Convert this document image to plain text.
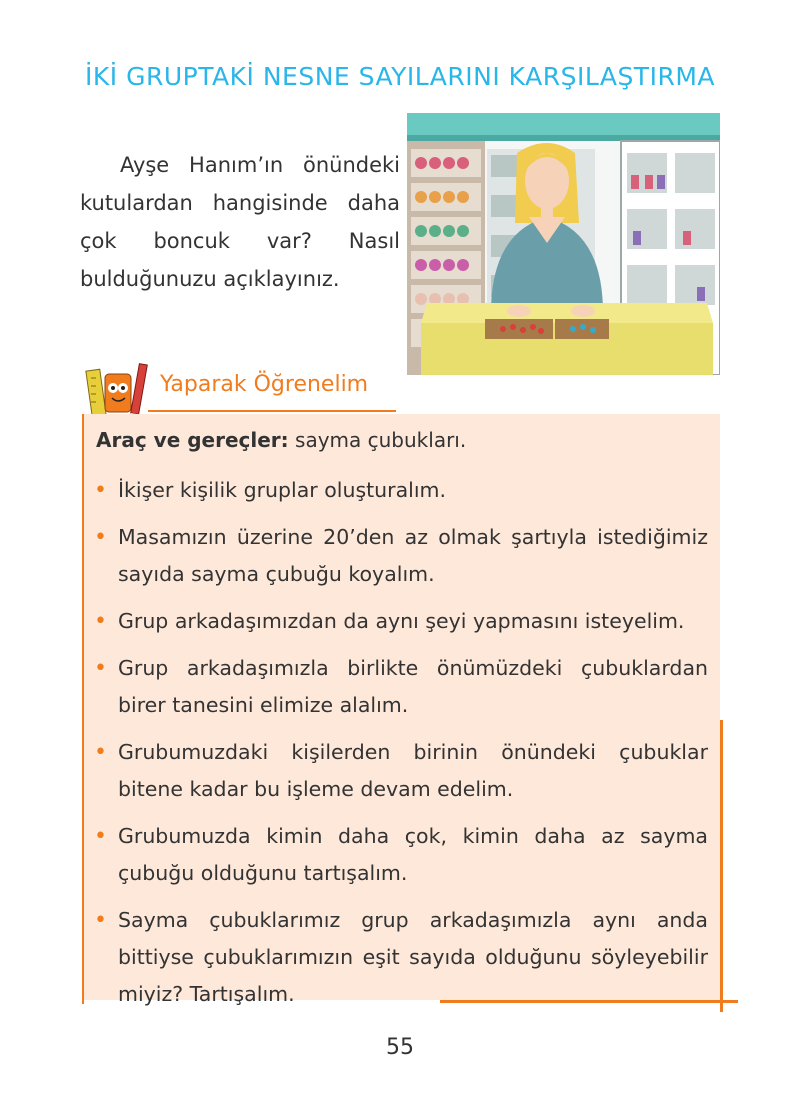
İKİ GRUPTAKİ NESNE SAYILARINI KARŞILAŞTIRMA
Ayşe Hanım’ın önündeki kutulardan hangisinde daha çok boncuk var? Nasıl bulduğunuzu açıklayınız.
Yaparak Öğrenelim
Araç ve gereçler: sayma çubukları.
• İkişer kişilik gruplar oluşturalım.
• Masamızın üzerine 20’den az olmak şartıyla istediğimiz sayıda sayma çubuğu koyalım.
• Grup arkadaşımızdan da aynı şeyi yapmasını isteyelim.
• Grup arkadaşımızla birlikte önümüzdeki çubuklardan birer tanesini elimize alalım.
• Grubumuzdaki kişilerden birinin önündeki çubuklar bitene kadar bu işleme devam edelim.
• Grubumuzda kimin daha çok, kimin daha az sayma çubuğu olduğunu tartışalım.
• Sayma çubuklarımız grup arkadaşımızla aynı anda bittiyse çubuklarımızın eşit sayıda olduğunu söyleyebilir miyiz? Tartışalım.
55
